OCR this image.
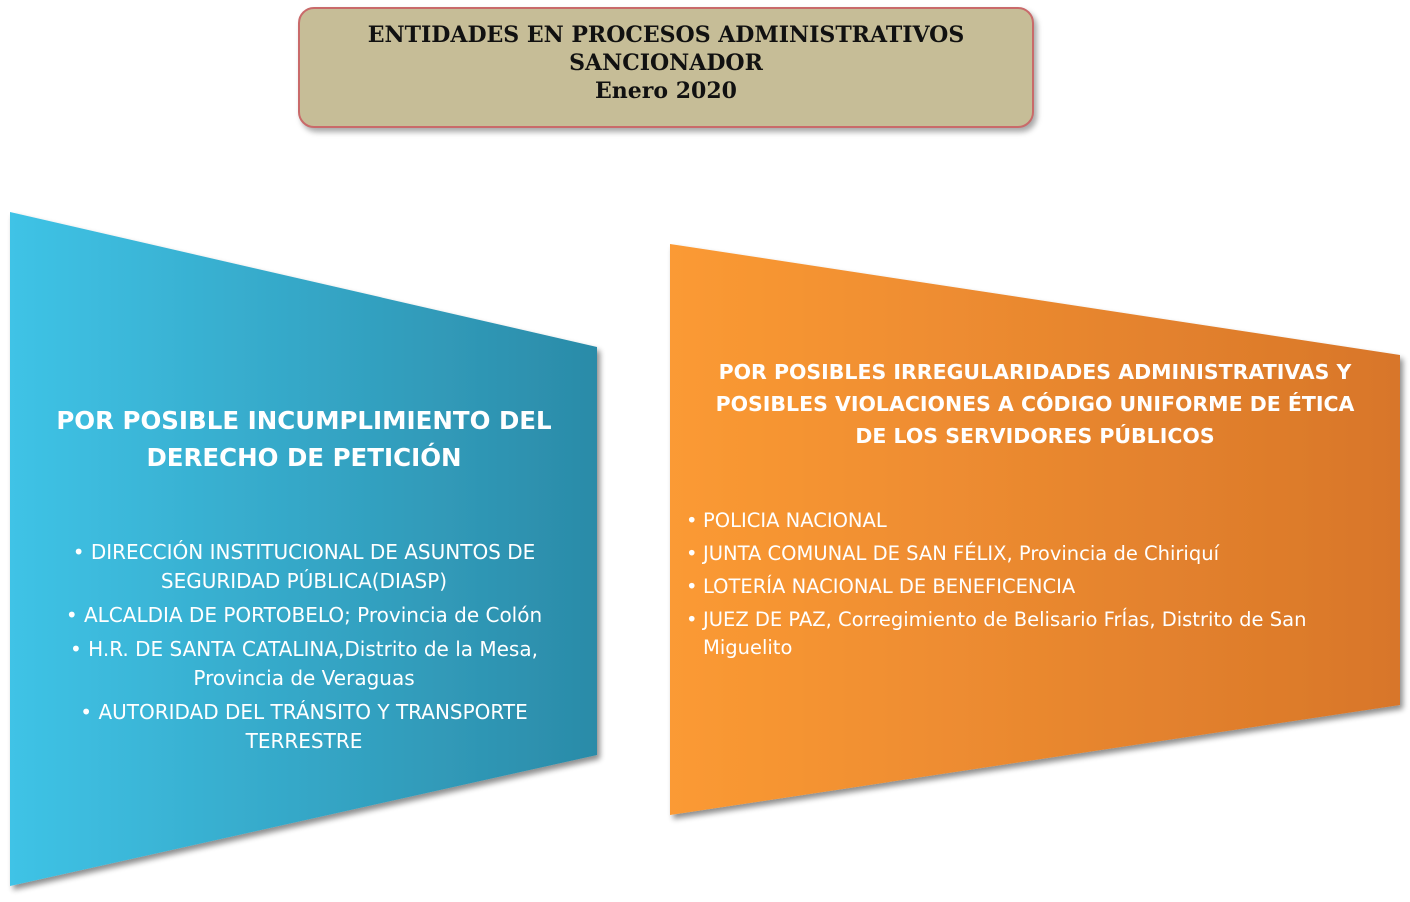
ENTIDADES EN PROCESOS ADMINISTRATIVOS
SANCIONADOR
Enero 2020
POR POSIBLE INCUMPLIMIENTO DEL
DERECHO DE PETICIÓN
• DIRECCIÓN INSTITUCIONAL DE ASUNTOS DE SEGURIDAD PÚBLICA(DIASP)
• ALCALDIA DE PORTOBELO; Provincia de Colón
• H.R. DE SANTA CATALINA,Distrito de la Mesa, Provincia de Veraguas
• AUTORIDAD DEL TRÁNSITO Y TRANSPORTE TERRESTRE
POR POSIBLES IRREGULARIDADES ADMINISTRATIVAS Y
POSIBLES VIOLACIONES A CÓDIGO UNIFORME DE ÉTICA
DE LOS SERVIDORES PÚBLICOS
• POLICIA NACIONAL
• JUNTA COMUNAL DE SAN FÉLIX, Provincia de Chiriquí
• LOTERÍA NACIONAL DE BENEFICENCIA
• JUEZ DE PAZ, Corregimiento de Belisario FrÍas, Distrito de San Miguelito
